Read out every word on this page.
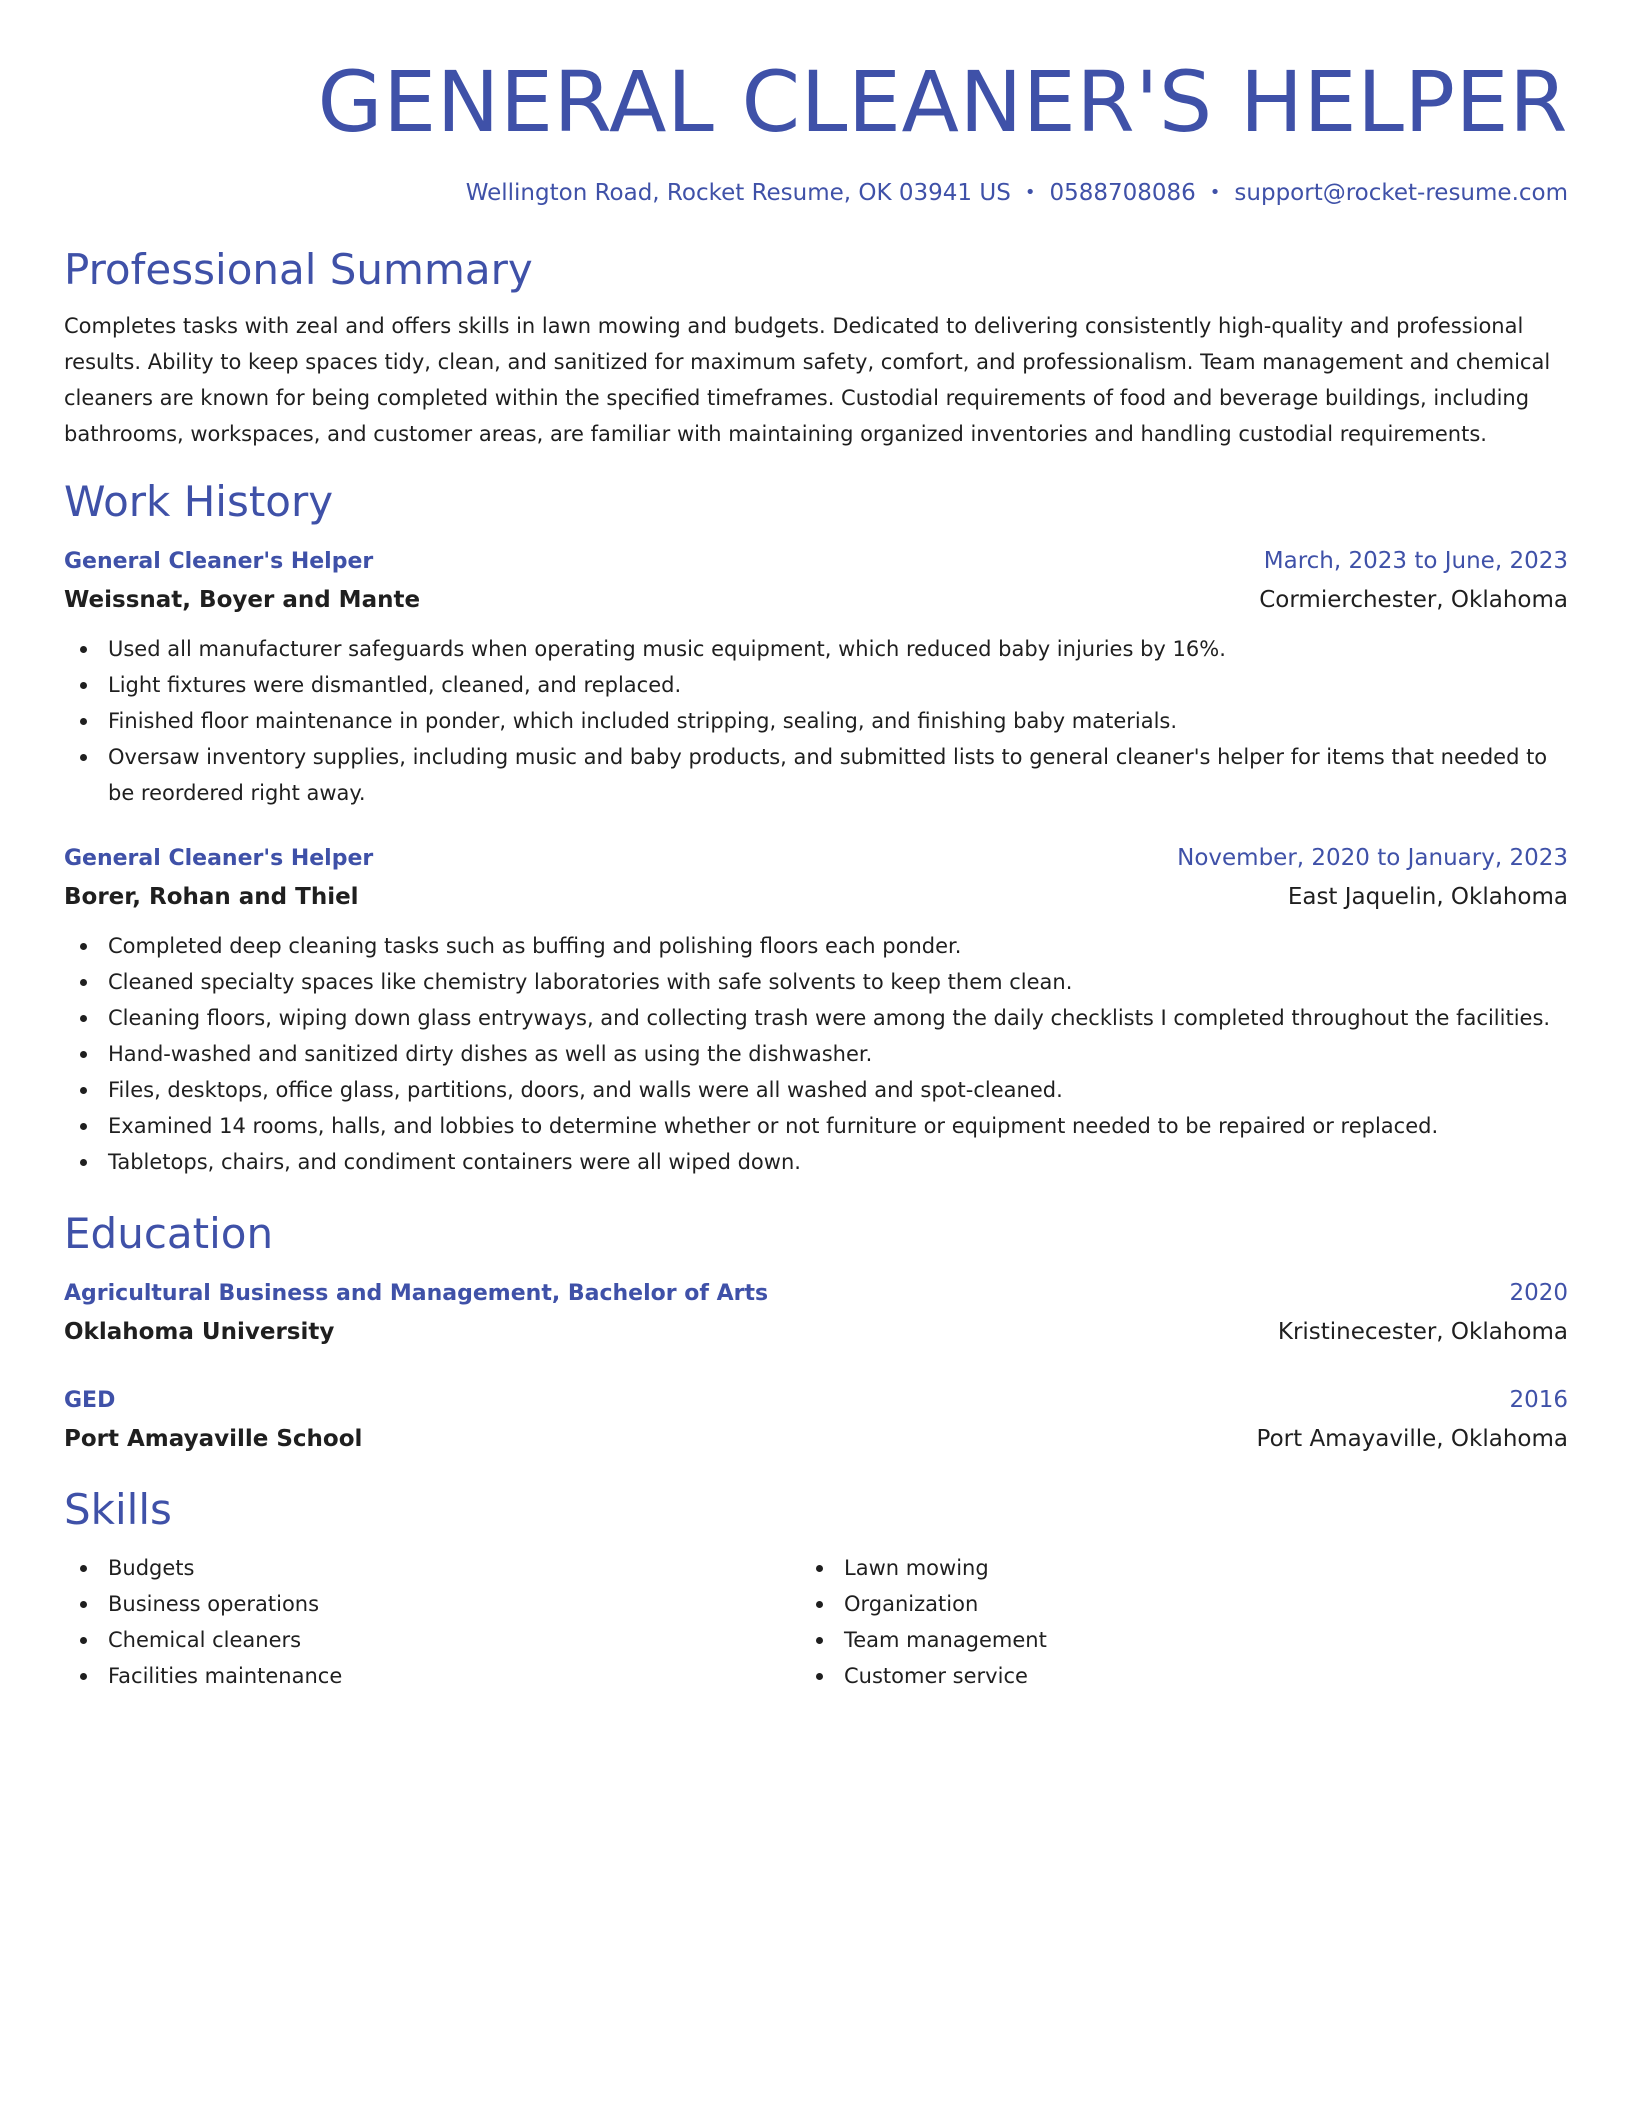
GENERAL CLEANER'S HELPER
Wellington Road, Rocket Resume, OK 03941 US • 0588708086 • support@rocket-resume.com
Professional Summary
Completes tasks with zeal and offers skills in lawn mowing and budgets. Dedicated to delivering consistently high-quality and professional results. Ability to keep spaces tidy, clean, and sanitized for maximum safety, comfort, and professionalism. Team management and chemical cleaners are known for being completed within the specified timeframes. Custodial requirements of food and beverage buildings, including bathrooms, workspaces, and customer areas, are familiar with maintaining organized inventories and handling custodial requirements.
Work History
General Cleaner's Helper	March, 2023 to June, 2023
Weissnat, Boyer and Mante	Cormierchester, Oklahoma
Used all manufacturer safeguards when operating music equipment, which reduced baby injuries by 16%.
Light fixtures were dismantled, cleaned, and replaced.
Finished floor maintenance in ponder, which included stripping, sealing, and finishing baby materials.
Oversaw inventory supplies, including music and baby products, and submitted lists to general cleaner's helper for items that needed to be reordered right away.
General Cleaner's Helper	November, 2020 to January, 2023
Borer, Rohan and Thiel	East Jaquelin, Oklahoma
Completed deep cleaning tasks such as buffing and polishing floors each ponder.
Cleaned specialty spaces like chemistry laboratories with safe solvents to keep them clean.
Cleaning floors, wiping down glass entryways, and collecting trash were among the daily checklists I completed throughout the facilities.
Hand-washed and sanitized dirty dishes as well as using the dishwasher.
Files, desktops, office glass, partitions, doors, and walls were all washed and spot-cleaned.
Examined 14 rooms, halls, and lobbies to determine whether or not furniture or equipment needed to be repaired or replaced.
Tabletops, chairs, and condiment containers were all wiped down.
Education
Agricultural Business and Management, Bachelor of Arts	2020
Oklahoma University	Kristinecester, Oklahoma
GED	2016
Port Amayaville School	Port Amayaville, Oklahoma
Skills
Budgets
Business operations
Chemical cleaners
Facilities maintenance
Lawn mowing
Organization
Team management
Customer service
